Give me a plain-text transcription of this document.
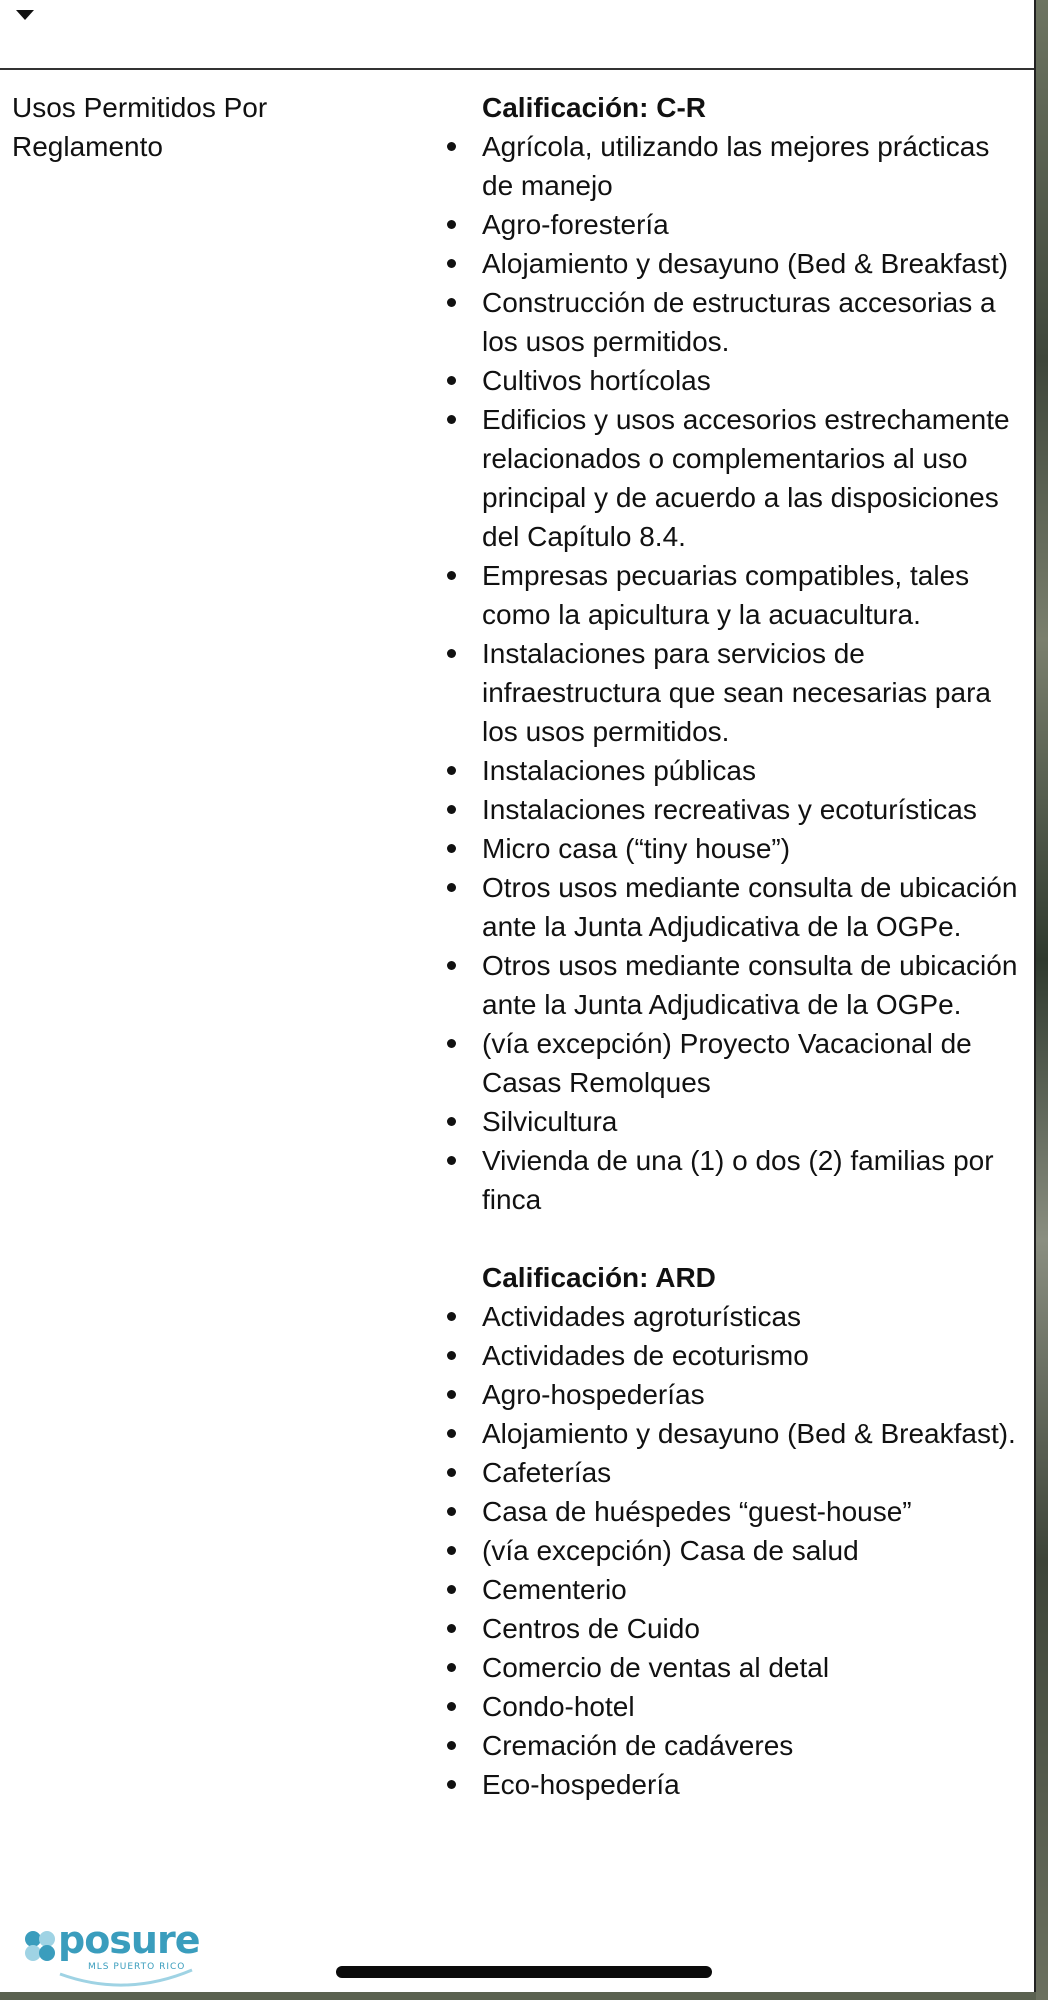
Usos Permitidos Por Reglamento
Calificación: C-R
Agrícola, utilizando las mejores prácticas de manejo
Agro-forestería
Alojamiento y desayuno (Bed & Breakfast)
Construcción de estructuras accesorias a los usos permitidos.
Cultivos hortícolas
Edificios y usos accesorios estrechamente relacionados o complementarios al uso principal y de acuerdo a las disposiciones del Capítulo 8.4.
Empresas pecuarias compatibles, tales como la apicultura y la acuacultura.
Instalaciones para servicios de infraestructura que sean necesarias para los usos permitidos.
Instalaciones públicas
Instalaciones recreativas y ecoturísticas
Micro casa (“tiny house”)
Otros usos mediante consulta de ubicación ante la Junta Adjudicativa de la OGPe.
Otros usos mediante consulta de ubicación ante la Junta Adjudicativa de la OGPe.
(vía excepción) Proyecto Vacacional de Casas Remolques
Silvicultura
Vivienda de una (1) o dos (2) familias por finca
Calificación: ARD
Actividades agroturísticas
Actividades de ecoturismo
Agro-hospederías
Alojamiento y desayuno (Bed & Breakfast).
Cafeterías
Casa de huéspedes “guest-house”
(vía excepción) Casa de salud
Cementerio
Centros de Cuido
Comercio de ventas al detal
Condo-hotel
Cremación de cadáveres
Eco-hospedería
posure
MLS PUERTO RICO
